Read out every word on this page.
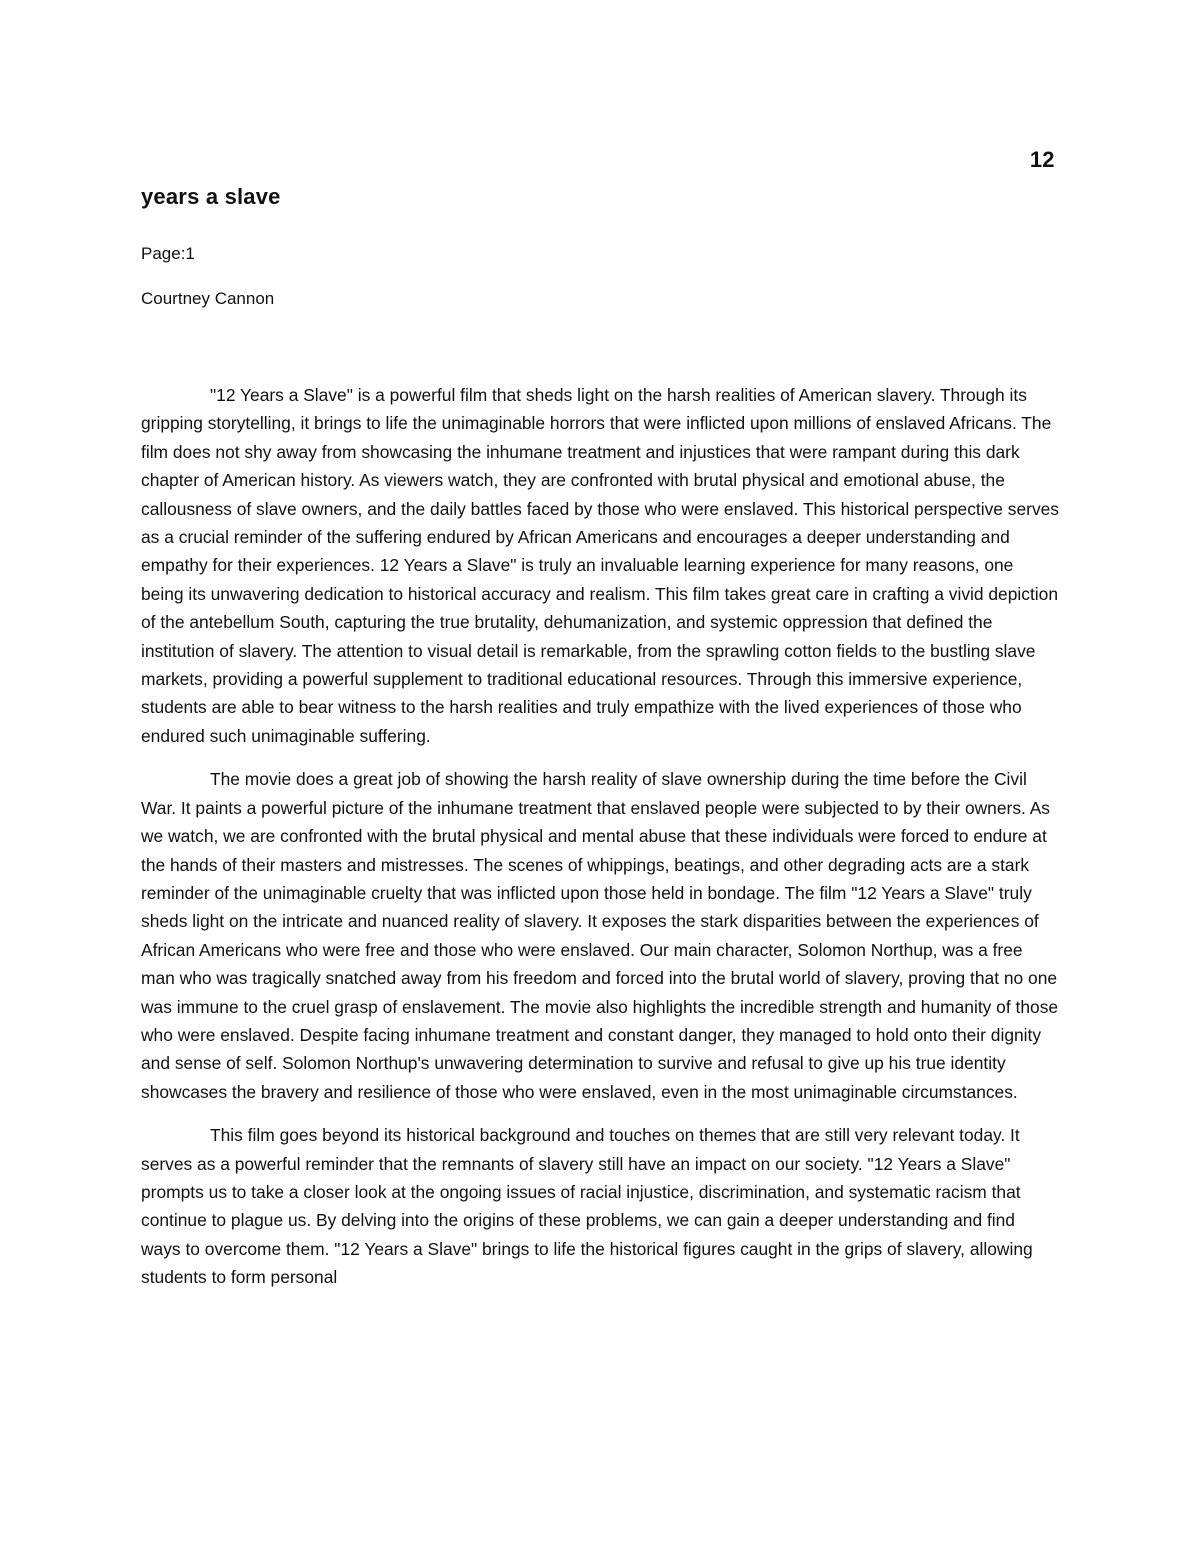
12
years a slave
Page:1
Courtney Cannon

"12 Years a Slave" is a powerful film that sheds light on the harsh realities of American slavery. Through its gripping storytelling, it brings to life the unimaginable horrors that were inflicted upon millions of enslaved Africans. The film does not shy away from showcasing the inhumane treatment and injustices that were rampant during this dark chapter of American history. As viewers watch, they are confronted with brutal physical and emotional abuse, the callousness of slave owners, and the daily battles faced by those who were enslaved. This historical perspective serves as a crucial reminder of the suffering endured by African Americans and encourages a deeper understanding and empathy for their experiences. 12 Years a Slave" is truly an invaluable learning experience for many reasons, one being its unwavering dedication to historical accuracy and realism. This film takes great care in crafting a vivid depiction of the antebellum South, capturing the true brutality, dehumanization, and systemic oppression that defined the institution of slavery. The attention to visual detail is remarkable, from the sprawling cotton fields to the bustling slave markets, providing a powerful supplement to traditional educational resources. Through this immersive experience, students are able to bear witness to the harsh realities and truly empathize with the lived experiences of those who endured such unimaginable suffering.

The movie does a great job of showing the harsh reality of slave ownership during the time before the Civil War. It paints a powerful picture of the inhumane treatment that enslaved people were subjected to by their owners. As we watch, we are confronted with the brutal physical and mental abuse that these individuals were forced to endure at the hands of their masters and mistresses. The scenes of whippings, beatings, and other degrading acts are a stark reminder of the unimaginable cruelty that was inflicted upon those held in bondage. The film "12 Years a Slave" truly sheds light on the intricate and nuanced reality of slavery. It exposes the stark disparities between the experiences of African Americans who were free and those who were enslaved. Our main character, Solomon Northup, was a free man who was tragically snatched away from his freedom and forced into the brutal world of slavery, proving that no one was immune to the cruel grasp of enslavement. The movie also highlights the incredible strength and humanity of those who were enslaved. Despite facing inhumane treatment and constant danger, they managed to hold onto their dignity and sense of self. Solomon Northup's unwavering determination to survive and refusal to give up his true identity showcases the bravery and resilience of those who were enslaved, even in the most unimaginable circumstances.

This film goes beyond its historical background and touches on themes that are still very relevant today. It serves as a powerful reminder that the remnants of slavery still have an impact on our society. "12 Years a Slave" prompts us to take a closer look at the ongoing issues of racial injustice, discrimination, and systematic racism that continue to plague us. By delving into the origins of these problems, we can gain a deeper understanding and find ways to overcome them. "12 Years a Slave" brings to life the historical figures caught in the grips of slavery, allowing students to form personal
